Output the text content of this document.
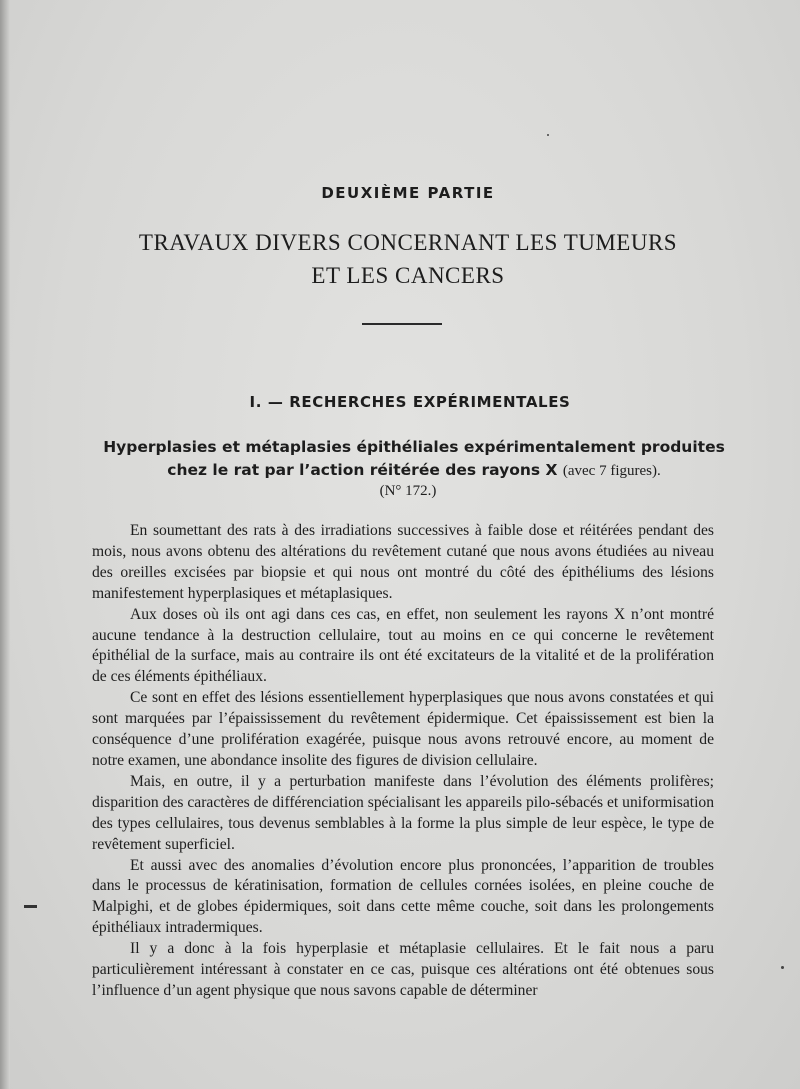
DEUXIÈME PARTIE
TRAVAUX DIVERS CONCERNANT LES TUMEURS
ET LES CANCERS
I. — RECHERCHES EXPÉRIMENTALES
Hyperplasies et métaplasies épithéliales expérimentalement produites chez le rat par l’action réitérée des rayons X (avec 7 figures).
(N° 172.)

En soumettant des rats à des irradiations successives à faible dose et réitérées pendant des mois, nous avons obtenu des altérations du revêtement cutané que nous avons étudiées au niveau des oreilles excisées par biopsie et qui nous ont montré du côté des épithéliums des lésions manifestement hyperplasiques et métaplasiques.

Aux doses où ils ont agi dans ces cas, en effet, non seulement les rayons X n’ont montré aucune tendance à la destruction cellulaire, tout au moins en ce qui concerne le revêtement épithélial de la surface, mais au contraire ils ont été excitateurs de la vitalité et de la prolifération de ces éléments épithéliaux.

Ce sont en effet des lésions essentiellement hyperplasiques que nous avons constatées et qui sont marquées par l’épaississement du revêtement épidermique. Cet épaississement est bien la conséquence d’une prolifération exagérée, puisque nous avons retrouvé encore, au moment de notre examen, une abondance insolite des figures de division cellulaire.

Mais, en outre, il y a perturbation manifeste dans l’évolution des éléments prolifères; disparition des caractères de différenciation spécialisant les appareils pilo-sébacés et uniformisation des types cellulaires, tous devenus semblables à la forme la plus simple de leur espèce, le type de revêtement superficiel.

Et aussi avec des anomalies d’évolution encore plus prononcées, l’apparition de troubles dans le processus de kératinisation, formation de cellules cornées isolées, en pleine couche de Malpighi, et de globes épidermiques, soit dans cette même couche, soit dans les prolongements épithéliaux intradermiques.

Il y a donc à la fois hyperplasie et métaplasie cellulaires. Et le fait nous a paru particulièrement intéressant à constater en ce cas, puisque ces altérations ont été obtenues sous l’influence d’un agent physique que nous savons capable de déterminer
